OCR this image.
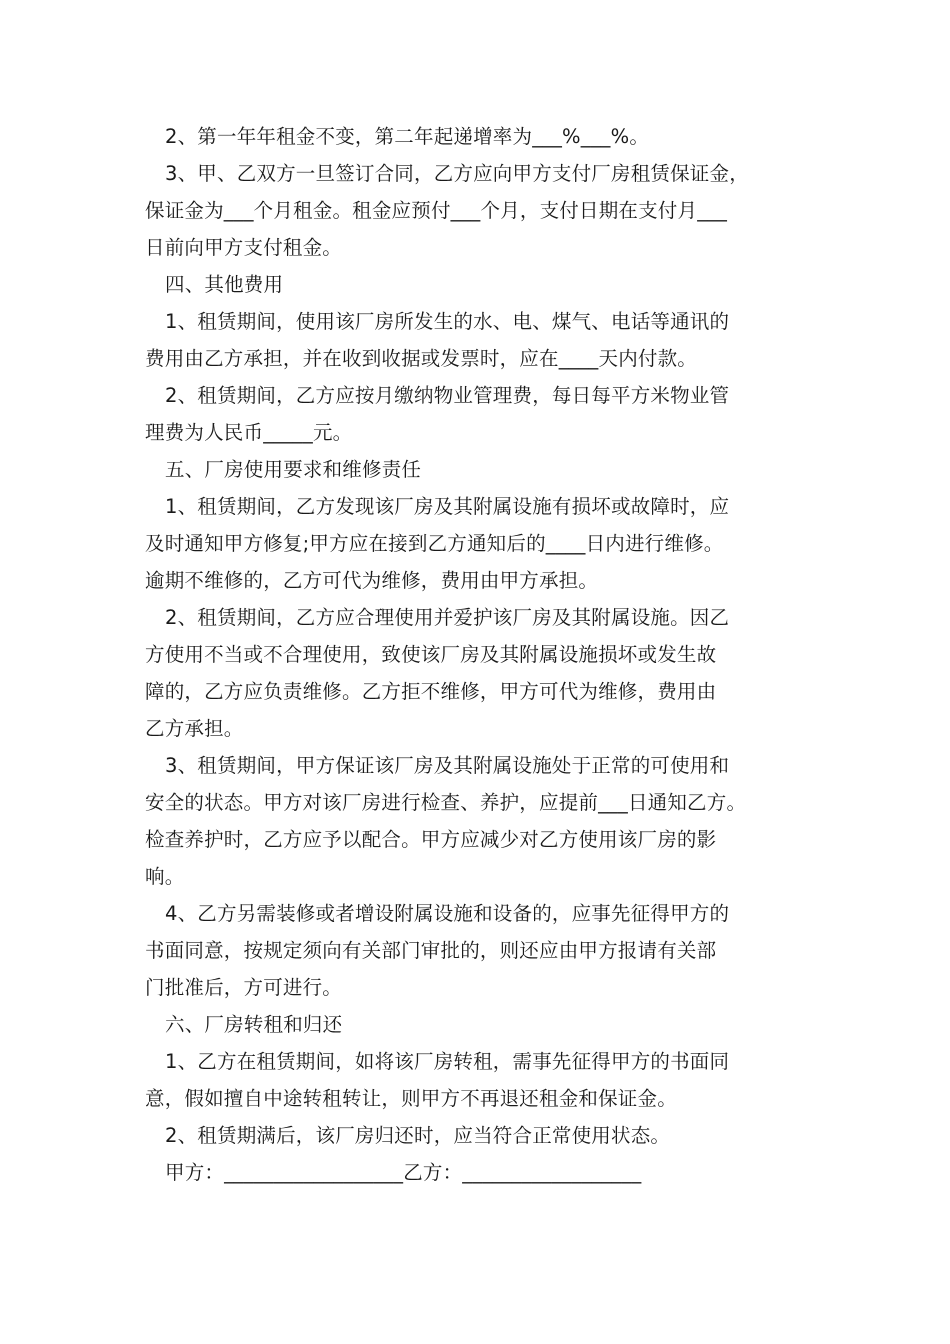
2、第一年年租金不变，第二年起递增率为___%___%。
3、甲、乙双方一旦签订合同，乙方应向甲方支付厂房租赁保证金，
保证金为___个月租金。租金应预付___个月，支付日期在支付月___
日前向甲方支付租金。
四、其他费用
1、租赁期间，使用该厂房所发生的水、电、煤气、电话等通讯的
费用由乙方承担，并在收到收据或发票时，应在____天内付款。
2、租赁期间，乙方应按月缴纳物业管理费，每日每平方米物业管
理费为人民币_____元。
五、厂房使用要求和维修责任
1、租赁期间，乙方发现该厂房及其附属设施有损坏或故障时，应
及时通知甲方修复;甲方应在接到乙方通知后的____日内进行维修。
逾期不维修的，乙方可代为维修，费用由甲方承担。
2、租赁期间，乙方应合理使用并爱护该厂房及其附属设施。因乙
方使用不当或不合理使用，致使该厂房及其附属设施损坏或发生故
障的，乙方应负责维修。乙方拒不维修，甲方可代为维修，费用由
乙方承担。
3、租赁期间，甲方保证该厂房及其附属设施处于正常的可使用和
安全的状态。甲方对该厂房进行检查、养护，应提前___日通知乙方。
检查养护时，乙方应予以配合。甲方应减少对乙方使用该厂房的影
响。
4、乙方另需装修或者增设附属设施和设备的，应事先征得甲方的
书面同意，按规定须向有关部门审批的，则还应由甲方报请有关部
门批准后，方可进行。
六、厂房转租和归还
1、乙方在租赁期间，如将该厂房转租，需事先征得甲方的书面同
意，假如擅自中途转租转让，则甲方不再退还租金和保证金。
2、租赁期满后，该厂房归还时，应当符合正常使用状态。
甲方：__________________乙方：__________________
